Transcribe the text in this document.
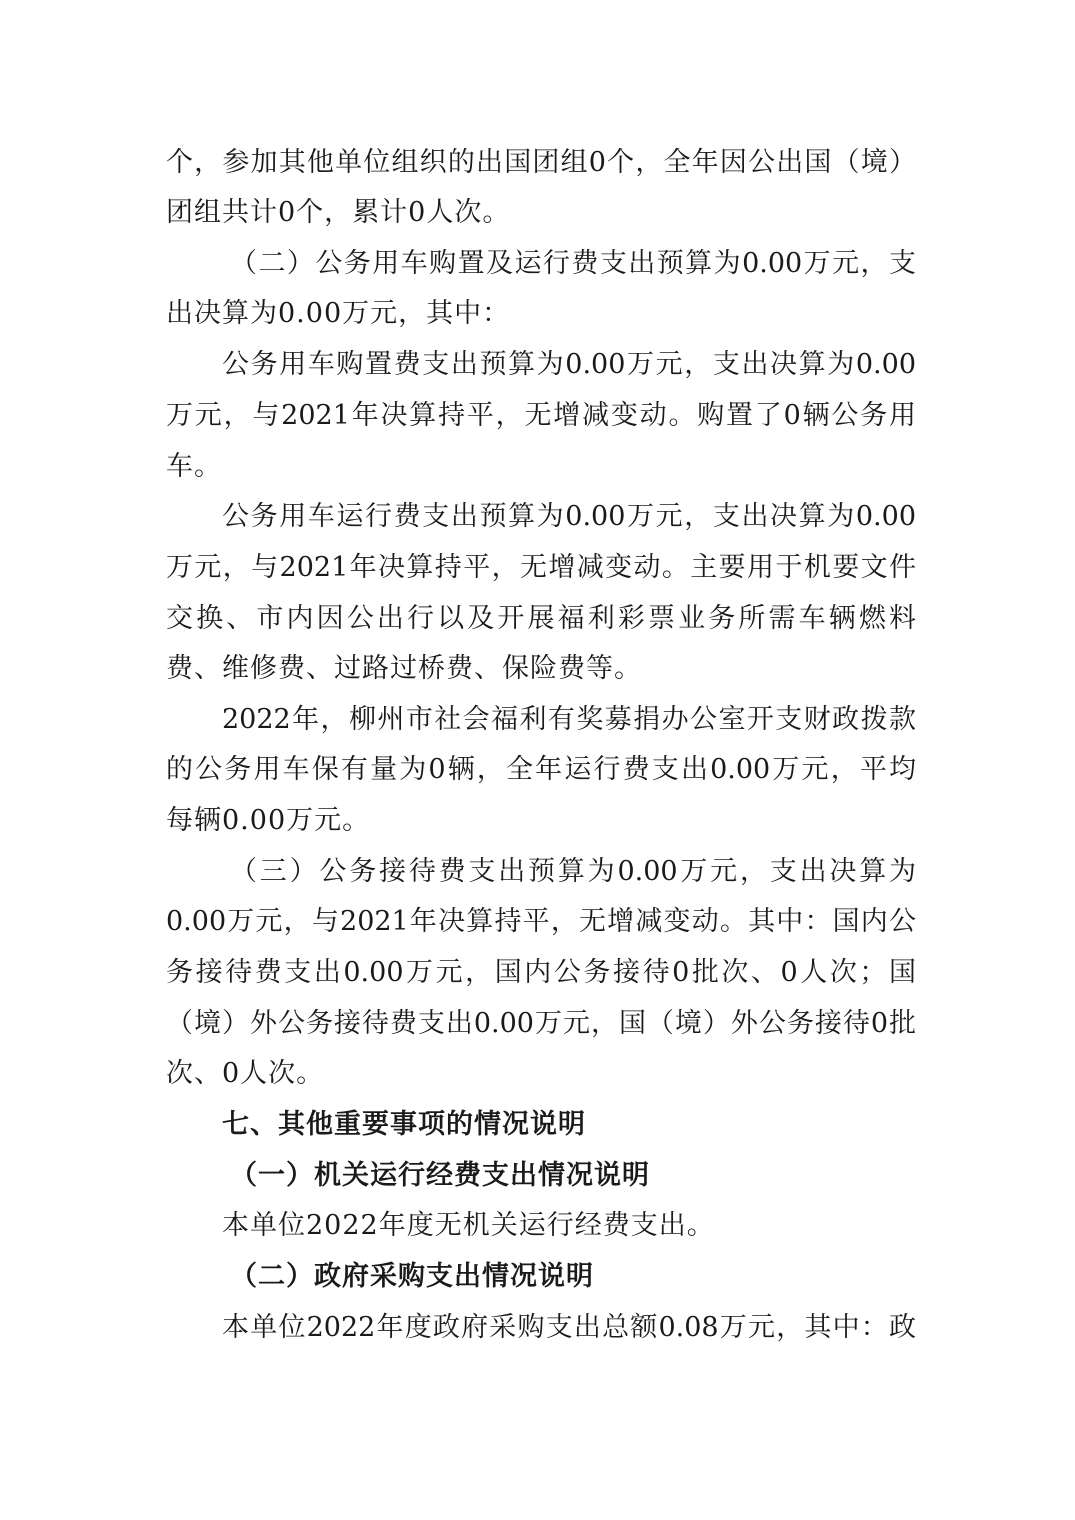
个，参加其他单位组织的出国团组0个，全年因公出国（境）
团组共计0个，累计0人次。
（二）公务用车购置及运行费支出预算为0.00万元，支
出决算为0.00万元，其中：
公务用车购置费支出预算为0.00万元，支出决算为0.00
万元，与2021年决算持平，无增减变动。购置了0辆公务用
车。
公务用车运行费支出预算为0.00万元，支出决算为0.00
万元，与2021年决算持平，无增减变动。主要用于机要文件
交换、市内因公出行以及开展福利彩票业务所需车辆燃料
费、维修费、过路过桥费、保险费等。
2022年，柳州市社会福利有奖募捐办公室开支财政拨款
的公务用车保有量为0辆，全年运行费支出0.00万元，平均
每辆0.00万元。
（三）公务接待费支出预算为0.00万元，支出决算为
0.00万元，与2021年决算持平，无增减变动。其中：国内公
务接待费支出0.00万元，国内公务接待0批次、0人次；国
（境）外公务接待费支出0.00万元，国（境）外公务接待0批
次、0人次。
七、其他重要事项的情况说明
（一）机关运行经费支出情况说明
本单位2022年度无机关运行经费支出。
（二）政府采购支出情况说明
本单位2022年度政府采购支出总额0.08万元，其中：政
